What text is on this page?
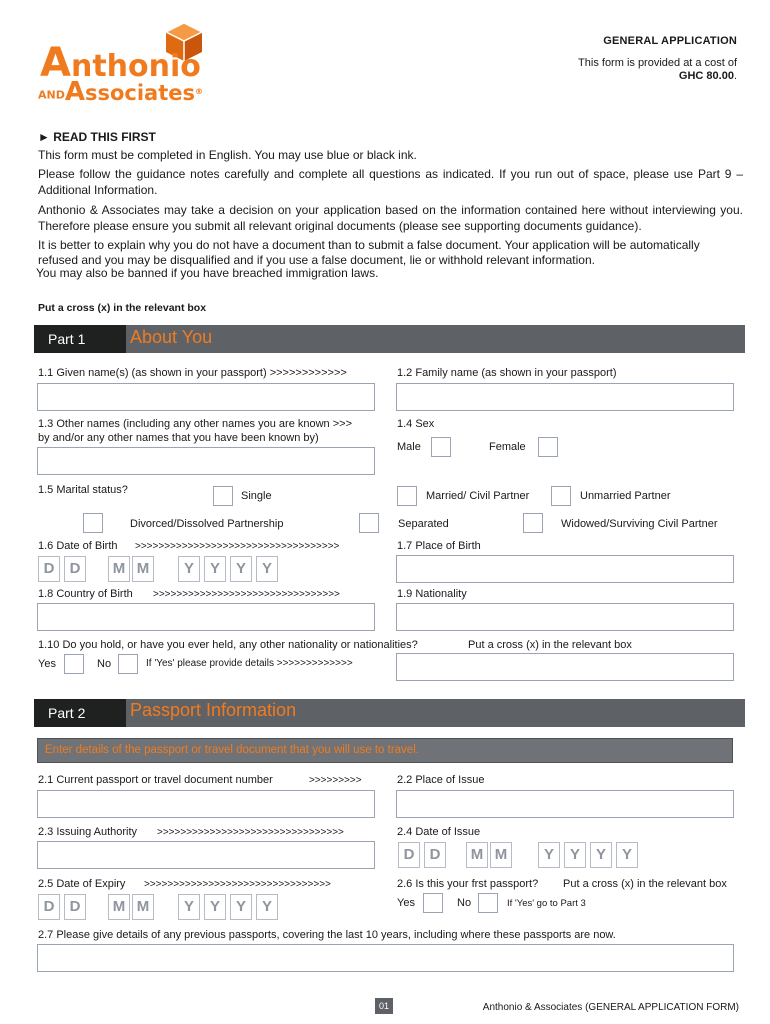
Anthonio
ANDAssociates®
GENERAL APPLICATION
This form is provided at a cost of
GHC 80.00.
► READ THIS FIRST
This form must be completed in English. You may use blue or black ink.
Please follow the guidance notes carefully and complete all questions as indicated. If you run out of space, please use Part 9 – Additional Information.
Anthonio & Associates may take a decision on your application based on the information contained here without interviewing you. Therefore please ensure you submit all relevant original documents (please see supporting documents guidance).
It is better to explain why you do not have a document than to submit a false document. Your application will be automatically
refused and you may be disqualified and if you use a false document, lie or withhold relevant information.
You may also be banned if you have breached immigration laws.
Put a cross (x) in the relevant box
Part 1	About You
1.1 Given name(s) (as shown in your passport) >>>>>>>>>>>>	1.2 Family name (as shown in your passport)
1.3 Other names (including any other names you are known >>>
by and/or any other names that you have been known by)
1.4 Sex
Male	Female
1.5 Marital status?	Single	Married/ Civil Partner	Unmarried Partner
Divorced/Dissolved Partnership	Separated	Widowed/Surviving Civil Partner
1.6 Date of Birth >>>>>>>>>>>>>>>>>>>>>>>>>>>>>>>>>>>	1.7 Place of Birth
D	D	M M	Y	Y	Y	Y
1.8 Country of Birth >>>>>>>>>>>>>>>>>>>>>>>>>>>>>>>>	1.9 Nationality
1.10 Do you hold, or have you ever held, any other nationality or nationalities?	Put a cross (x) in the relevant box
Yes	No	If 'Yes' please provide details >>>>>>>>>>>>>
Part 2	Passport Information
Enter details of the passport or travel document that you will use to travel.
2.1 Current passport or travel document number	>>>>>>>>>	2.2 Place of Issue
2.3 Issuing Authority >>>>>>>>>>>>>>>>>>>>>>>>>>>>>>>>	2.4 Date of Issue
D	D	M M	Y	Y	Y	Y
2.5 Date of Expiry >>>>>>>>>>>>>>>>>>>>>>>>>>>>>>>>	2.6 Is this your frst passport? Put a cross (x) in the relevant box
D	D	M M	Y	Y	Y	Y	Yes	No	If 'Yes' go to Part 3
2.7 Please give details of any previous passports, covering the last 10 years, including where these passports are now.
01	Anthonio & Associates (GENERAL APPLICATION FORM)
